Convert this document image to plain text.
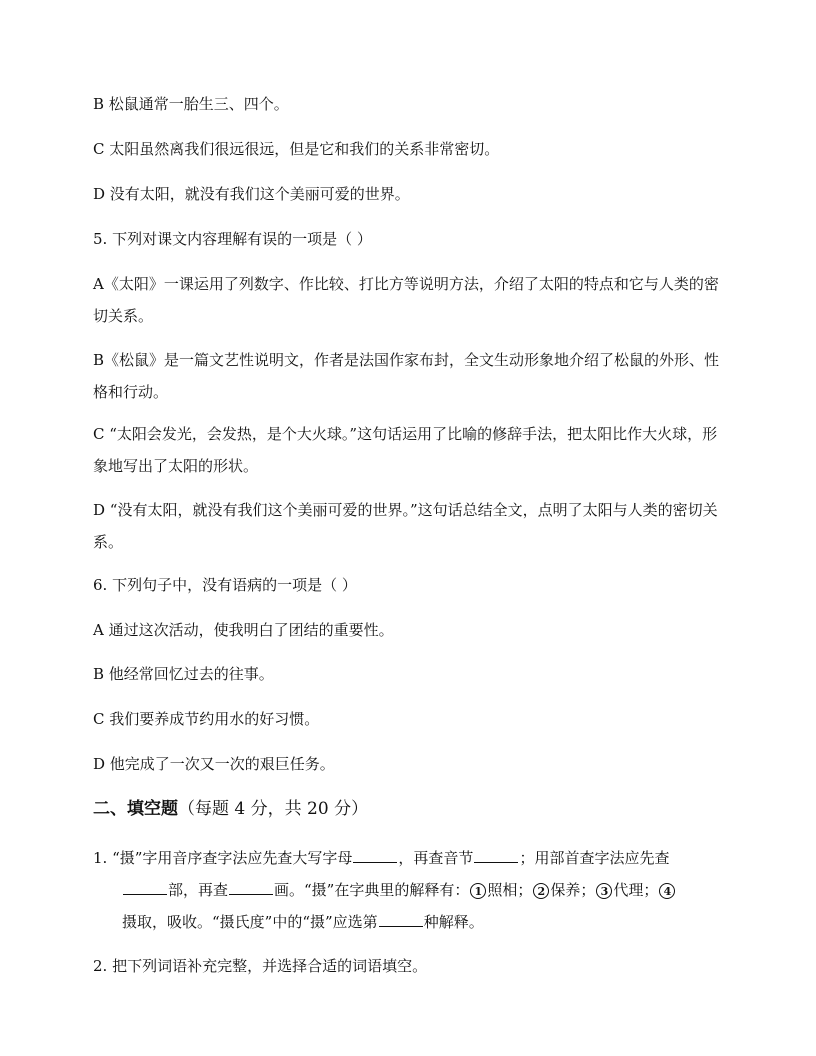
B 松鼠通常一胎生三、四个。
C 太阳虽然离我们很远很远，但是它和我们的关系非常密切。
D 没有太阳，就没有我们这个美丽可爱的世界。
5. 下列对课文内容理解有误的一项是（ ）
A《太阳》一课运用了列数字、作比较、打比方等说明方法，介绍了太阳的特点和它与人类的密切关系。
B《松鼠》是一篇文艺性说明文，作者是法国作家布封，全文生动形象地介绍了松鼠的外形、性格和行动。
C “太阳会发光，会发热，是个大火球。”这句话运用了比喻的修辞手法，把太阳比作大火球，形象地写出了太阳的形状。
D “没有太阳，就没有我们这个美丽可爱的世界。”这句话总结全文，点明了太阳与人类的密切关系。
6. 下列句子中，没有语病的一项是（ ）
A 通过这次活动，使我明白了团结的重要性。
B 他经常回忆过去的往事。
C 我们要养成节约用水的好习惯。
D 他完成了一次又一次的艰巨任务。
二、填空题（每题 4 分，共 20 分）
1. “摄”字用音序查字法应先查大写字母	，再查音节	；用部首查字法应先查
部，再查	画。“摄”在字典里的解释有： 1 照相； 2 保养； 3 代理； 4
摄取，吸收。“摄氏度”中的“摄”应选第	种解释。
2. 把下列词语补充完整，并选择合适的词语填空。
